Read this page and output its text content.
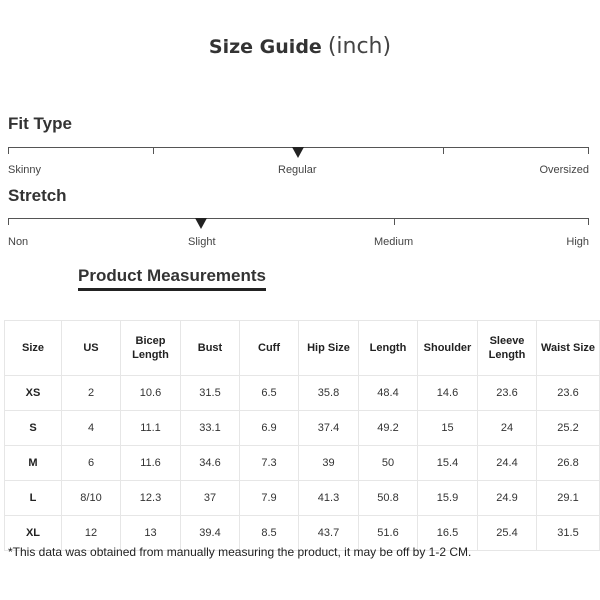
Size Guide (inch)
Fit Type
Skinny	Regular	Oversized
Stretch
Non	Slight	Medium	High
Product Measurements
Size	US	Bicep Length	Bust	Cuff	Hip Size	Length	Shoulder	Sleeve Length	Waist Size
XS	2	10.6	31.5	6.5	35.8	48.4	14.6	23.6	23.6
S	4	11.1	33.1	6.9	37.4	49.2	15	24	25.2
M	6	11.6	34.6	7.3	39	50	15.4	24.4	26.8
L	8/10	12.3	37	7.9	41.3	50.8	15.9	24.9	29.1
XL	12	13	39.4	8.5	43.7	51.6	16.5	25.4	31.5
*This data was obtained from manually measuring the product, it may be off by 1-2 CM.
